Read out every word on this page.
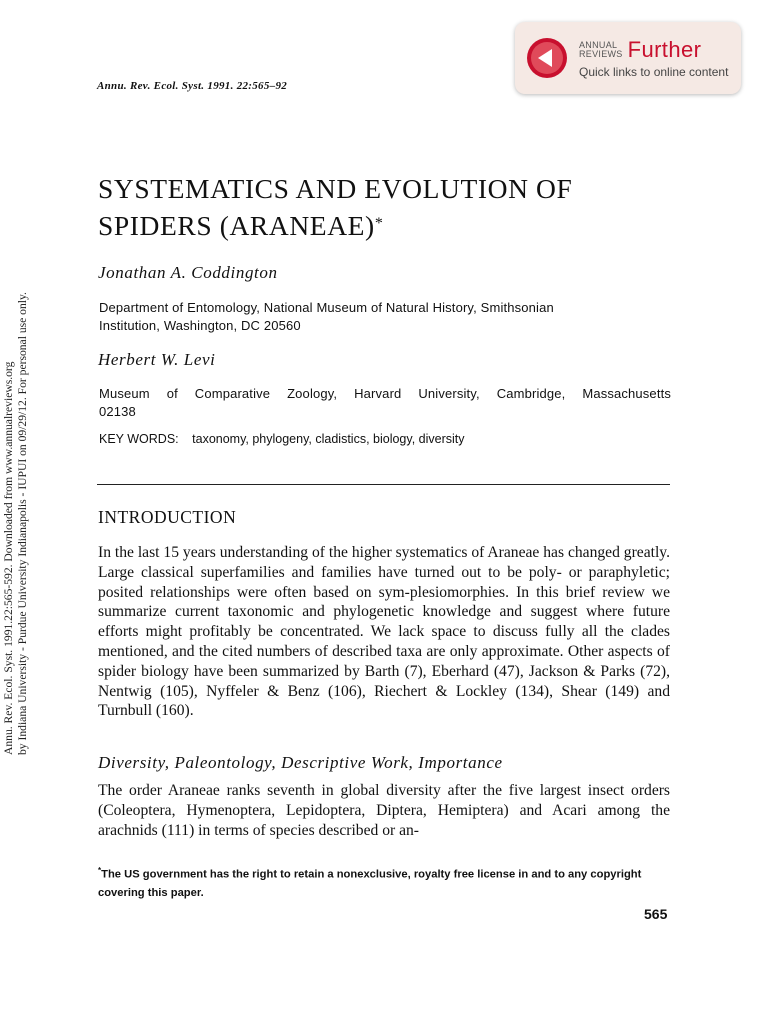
ANNUAL
REVIEWS Further
Quick links to online content
Annu. Rev. Ecol. Syst. 1991. 22:565–92
Annu. Rev. Ecol. Syst. 1991.22:565-592. Downloaded from www.annualreviews.org by Indiana University - Purdue University Indianapolis - IUPUI on 09/29/12. For personal use only.
SYSTEMATICS AND EVOLUTION OF
SPIDERS (ARANEAE)*
Jonathan A. Coddington
Department of Entomology, National Museum of Natural History, Smithsonian
Institution, Washington, DC 20560
Herbert W. Levi
Museum of Comparative Zoology, Harvard University, Cambridge, Massachusetts
02138
KEY WORDS: taxonomy, phylogeny, cladistics, biology, diversity
INTRODUCTION
In the last 15 years understanding of the higher systematics of Araneae has changed greatly. Large classical superfamilies and families have turned out to be poly- or paraphyletic; posited relationships were often based on sym-plesiomorphies. In this brief review we summarize current taxonomic and phylogenetic knowledge and suggest where future efforts might profitably be concentrated. We lack space to discuss fully all the clades mentioned, and the cited numbers of described taxa are only approximate. Other aspects of spider biology have been summarized by Barth (7), Eberhard (47), Jackson & Parks (72), Nentwig (105), Nyffeler & Benz (106), Riechert & Lockley (134), Shear (149) and Turnbull (160).
Diversity, Paleontology, Descriptive Work, Importance
The order Araneae ranks seventh in global diversity after the five largest insect orders (Coleoptera, Hymenoptera, Lepidoptera, Diptera, Hemiptera) and Acari among the arachnids (111) in terms of species described or an-
*The US government has the right to retain a nonexclusive, royalty free license in and to any copyright covering this paper.
565
